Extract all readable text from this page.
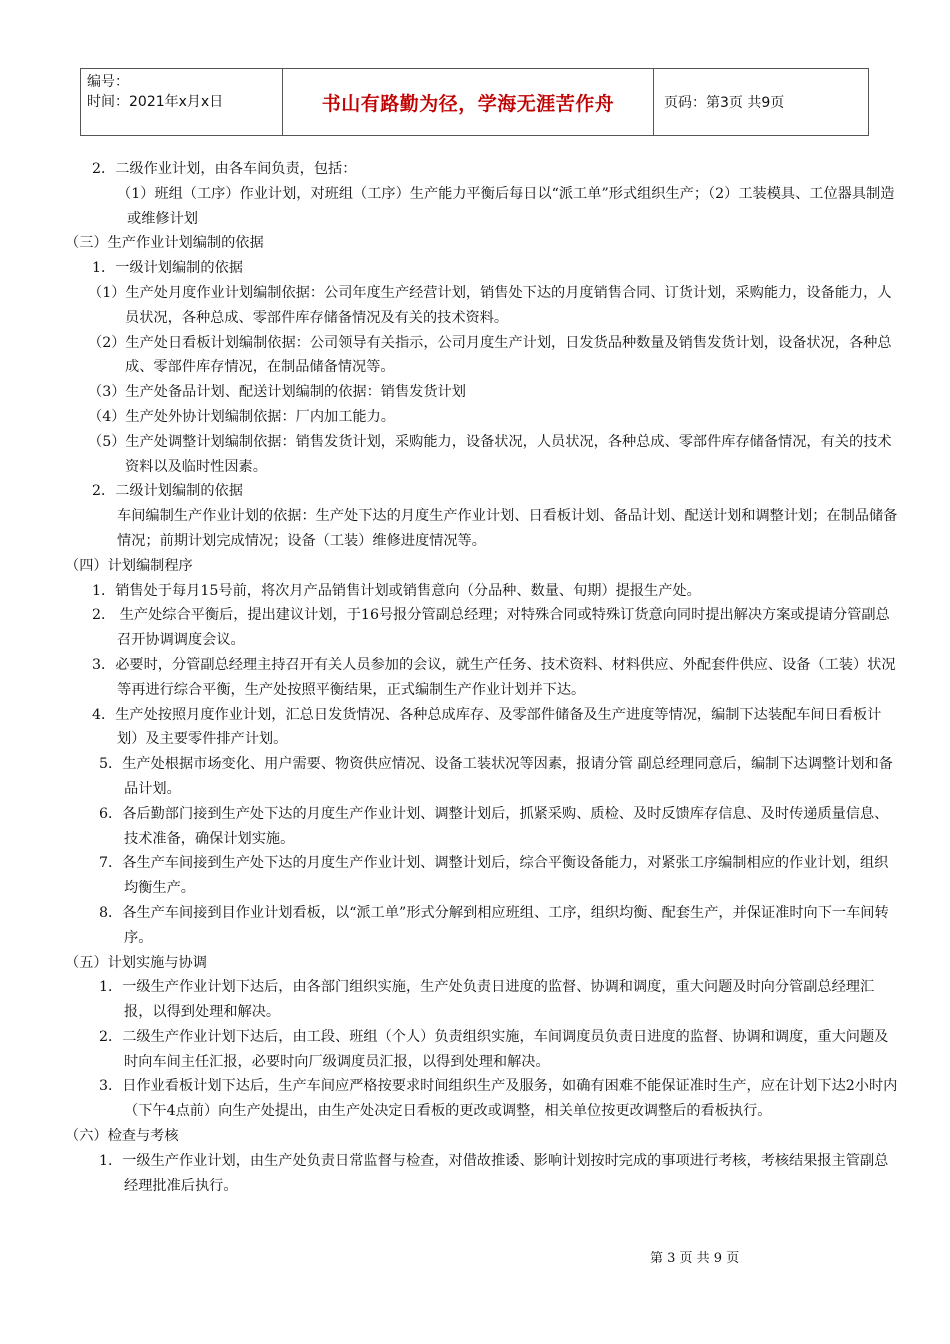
编号：
时间：2021年x月x日	书山有路勤为径，学海无涯苦作舟	页码：第3页 共9页

2．二级作业计划，由各车间负责，包括：

（1）班组（工序）作业计划，对班组（工序）生产能力平衡后每日以“派工单”形式组织生产；（2）工装模具、工位器具制造或维修计划

（三）生产作业计划编制的依据

1．一级计划编制的依据

（1）生产处月度作业计划编制依据：公司年度生产经营计划，销售处下达的月度销售合同、订货计划，采购能力，设备能力，人员状况，各种总成、零部件库存储备情况及有关的技术资料。

（2）生产处日看板计划编制依据：公司领导有关指示，公司月度生产计划，日发货品种数量及销售发货计划，设备状况，各种总成、零部件库存情况，在制品储备情况等。

（3）生产处备品计划、配送计划编制的依据：销售发货计划

（4）生产处外协计划编制依据：厂内加工能力。

（5）生产处调整计划编制依据：销售发货计划，采购能力，设备状况，人员状况，各种总成、零部件库存储备情况，有关的技术资料以及临时性因素。

2．二级计划编制的依据

车间编制生产作业计划的依据：生产处下达的月度生产作业计划、日看板计划、备品计划、配送计划和调整计划；在制品储备情况；前期计划完成情况；设备（工装）维修进度情况等。

（四）计划编制程序

1．销售处于每月15号前，将次月产品销售计划或销售意向（分品种、数量、旬期）提报生产处。

2． 生产处综合平衡后，提出建议计划，于16号报分管副总经理；对特殊合同或特殊订货意向同时提出解决方案或提请分管副总召开协调调度会议。

3．必要时，分管副总经理主持召开有关人员参加的会议，就生产任务、技术资料、材料供应、外配套件供应、设备（工装）状况等再进行综合平衡，生产处按照平衡结果，正式编制生产作业计划并下达。

4．生产处按照月度作业计划，汇总日发货情况、各种总成库存、及零部件储备及生产进度等情况，编制下达装配车间日看板计划）及主要零件排产计划。

5．生产处根据市场变化、用户需要、物资供应情况、设备工装状况等因素，报请分管 副总经理同意后，编制下达调整计划和备品计划。

6．各后勤部门接到生产处下达的月度生产作业计划、调整计划后，抓紧采购、质检、及时反馈库存信息、及时传递质量信息、技术准备，确保计划实施。

7．各生产车间接到生产处下达的月度生产作业计划、调整计划后，综合平衡设备能力，对紧张工序编制相应的作业计划，组织均衡生产。

8．各生产车间接到目作业计划看板，以“派工单”形式分解到相应班组、工序，组织均衡、配套生产，并保证准时向下一车间转序。

（五）计划实施与协调

1．一级生产作业计划下达后，由各部门组织实施，生产处负责日进度的监督、协调和调度，重大问题及时向分管副总经理汇报，以得到处理和解决。

2．二级生产作业计划下达后，由工段、班组（个人）负责组织实施，车间调度员负责日进度的监督、协调和调度，重大问题及时向车间主任汇报，必要时向厂级调度员汇报，以得到处理和解决。

3．日作业看板计划下达后，生产车间应严格按要求时间组织生产及服务，如确有困难不能保证准时生产，应在计划下达2小时内（下午4点前）向生产处提出，由生产处决定日看板的更改或调整，相关单位按更改调整后的看板执行。

（六）检查与考核

1．一级生产作业计划，由生产处负责日常监督与检查，对借故推诿、影响计划按时完成的事项进行考核，考核结果报主管副总经理批准后执行。

第 3 页 共 9 页
